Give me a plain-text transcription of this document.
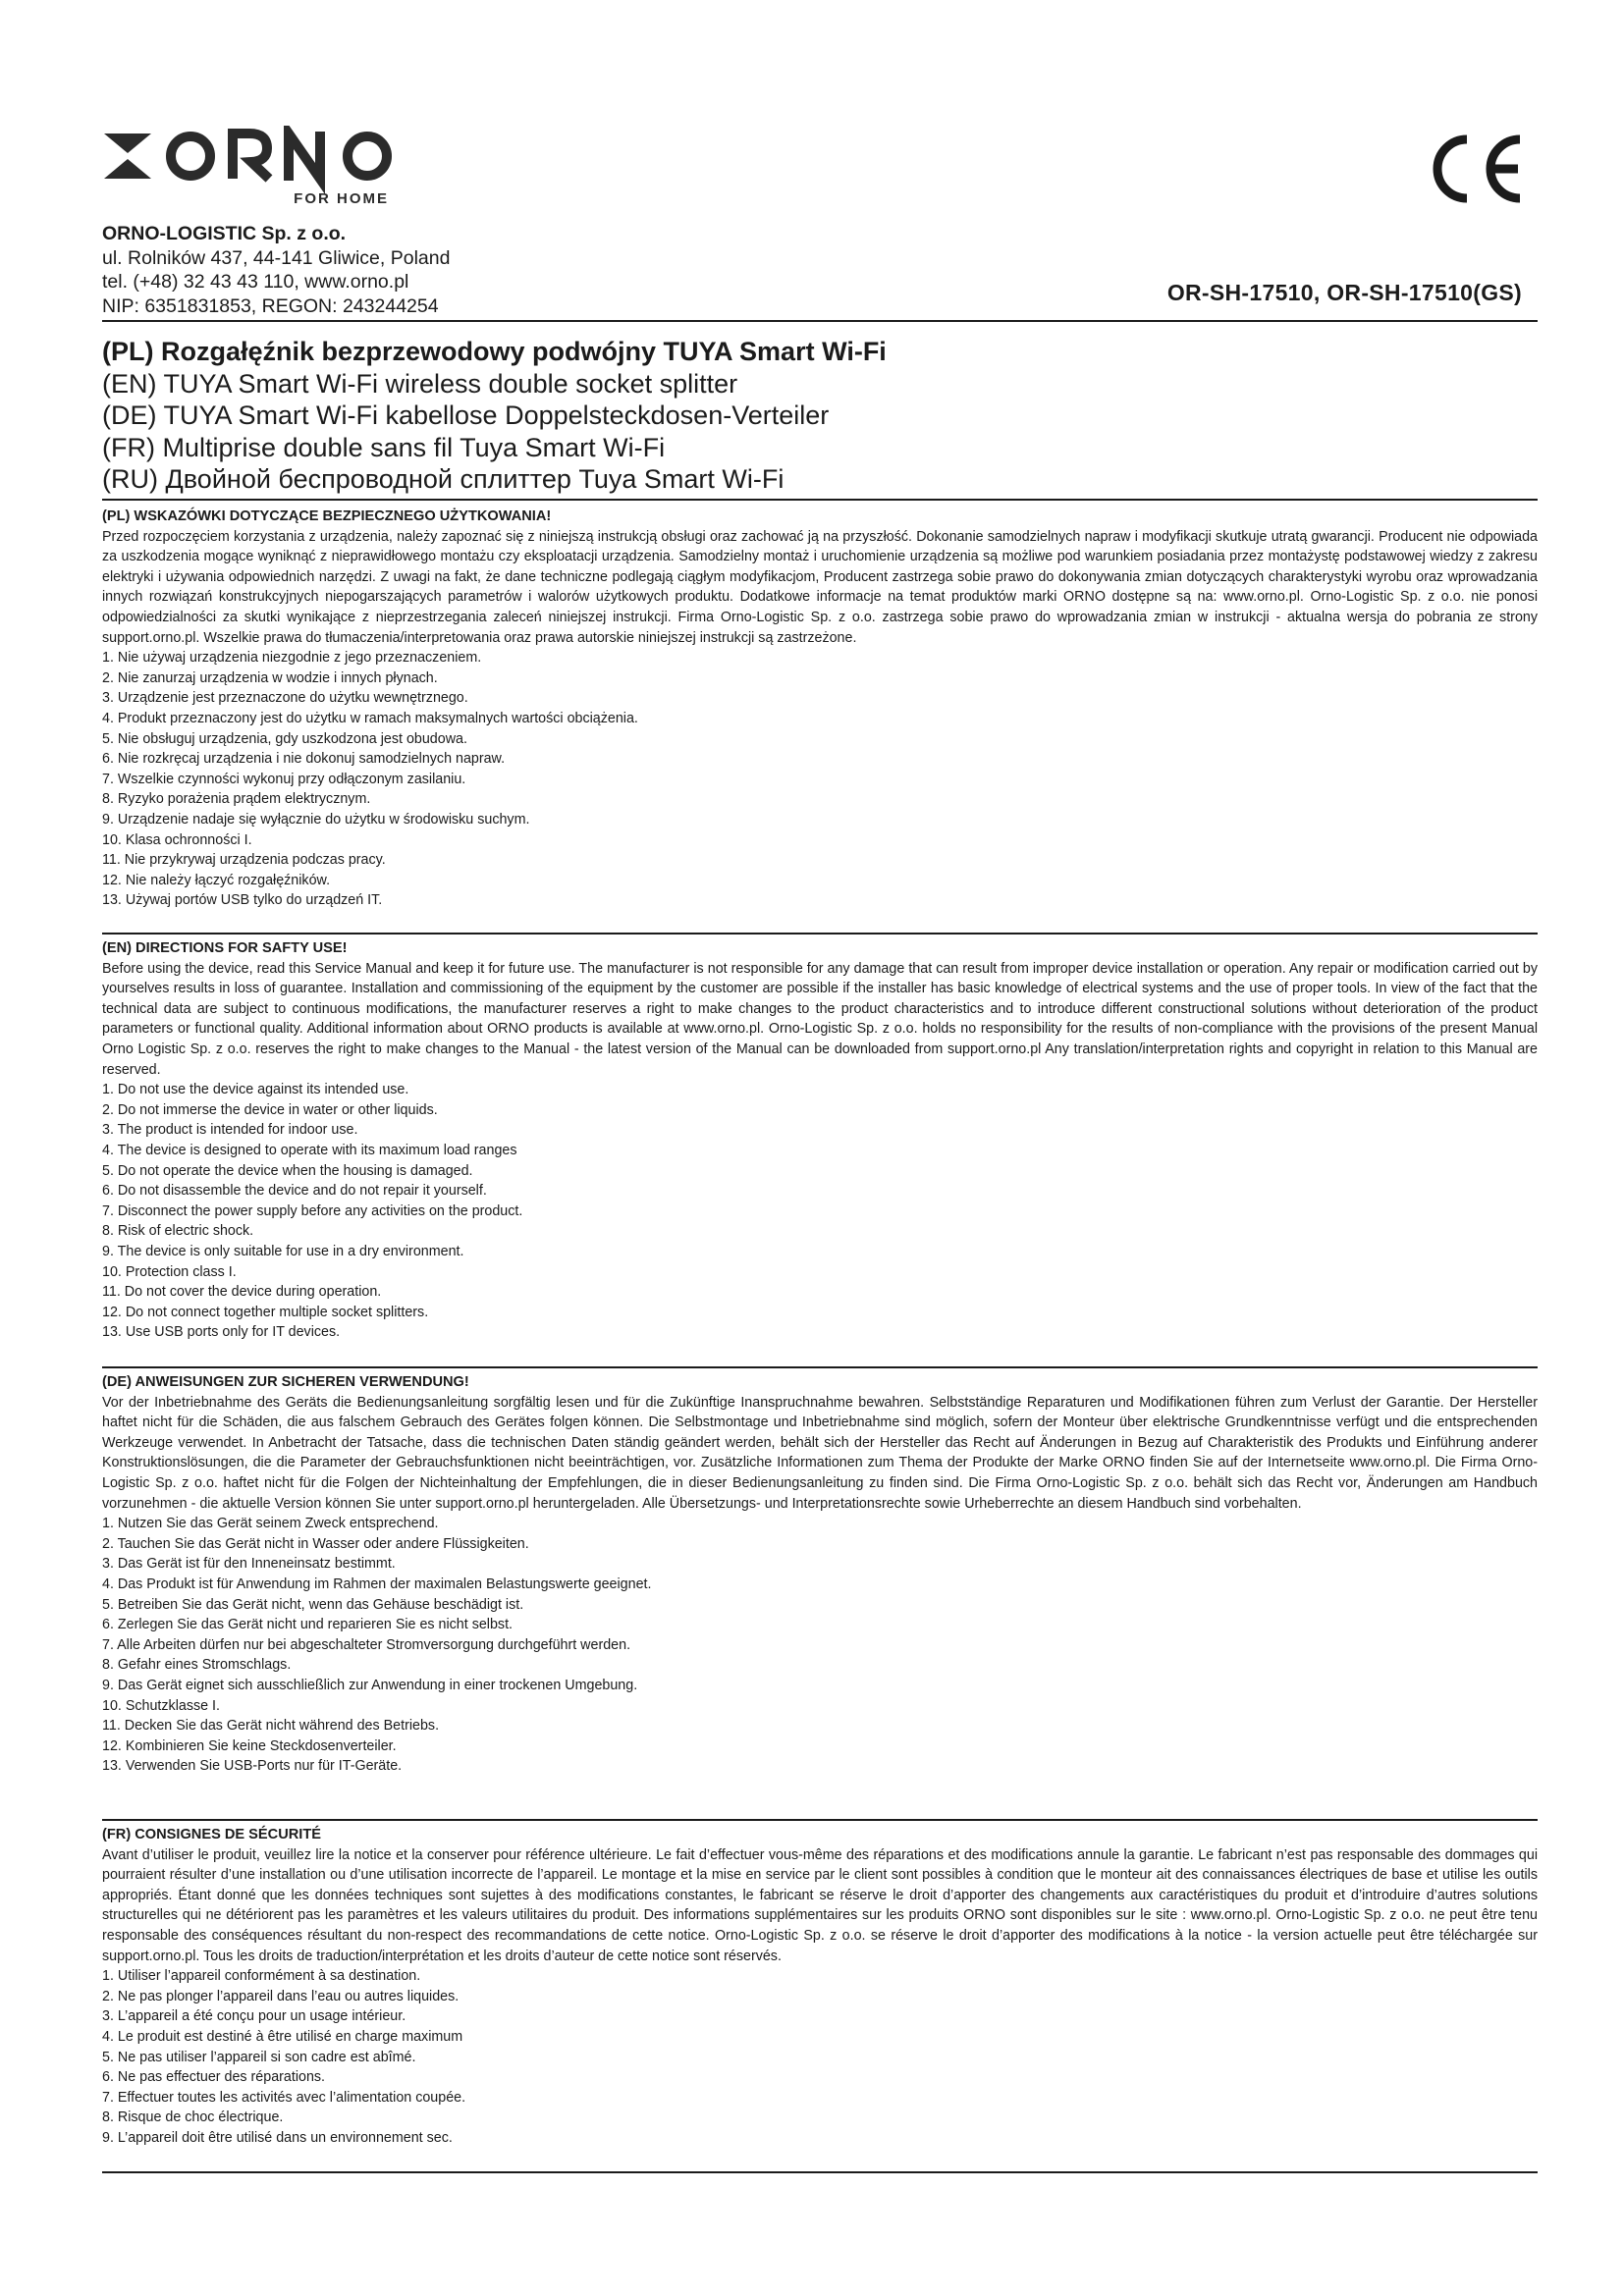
FOR HOME
ORNO-LOGISTIC Sp. z o.o.
ul. Rolników 437, 44-141 Gliwice, Poland
tel. (+48) 32 43 43 110, www.orno.pl
NIP: 6351831853, REGON: 243244254
OR-SH-17510, OR-SH-17510(GS)
(PL) Rozgałęźnik bezprzewodowy podwójny TUYA Smart Wi-Fi
(EN) TUYA Smart Wi-Fi wireless double socket splitter
(DE) TUYA Smart Wi-Fi kabellose Doppelsteckdosen-Verteiler
(FR) Multiprise double sans fil Tuya Smart Wi-Fi
(RU) Двойной беспроводной сплиттер Tuya Smart Wi-Fi
(PL) WSKAZÓWKI DOTYCZĄCE BEZPIECZNEGO UŻYTKOWANIA!
Przed rozpoczęciem korzystania z urządzenia, należy zapoznać się z niniejszą instrukcją obsługi oraz zachować ją na przyszłość. Dokonanie samodzielnych napraw i modyfikacji skutkuje utratą gwarancji. Producent nie odpowiada za uszkodzenia mogące wyniknąć z nieprawidłowego montażu czy eksploatacji urządzenia. Samodzielny montaż i uruchomienie urządzenia są możliwe pod warunkiem posiadania przez montażystę podstawowej wiedzy z zakresu elektryki i używania odpowiednich narzędzi. Z uwagi na fakt, że dane techniczne podlegają ciągłym modyfikacjom, Producent zastrzega sobie prawo do dokonywania zmian dotyczących charakterystyki wyrobu oraz wprowadzania innych rozwiązań konstrukcyjnych niepogarszających parametrów i walorów użytkowych produktu. Dodatkowe informacje na temat produktów marki ORNO dostępne są na: www.orno.pl. Orno-Logistic Sp. z o.o. nie ponosi odpowiedzialności za skutki wynikające z nieprzestrzegania zaleceń niniejszej instrukcji. Firma Orno-Logistic Sp. z o.o. zastrzega sobie prawo do wprowadzania zmian w instrukcji - aktualna wersja do pobrania ze strony support.orno.pl. Wszelkie prawa do tłumaczenia/interpretowania oraz prawa autorskie niniejszej instrukcji są zastrzeżone.
1. Nie używaj urządzenia niezgodnie z jego przeznaczeniem.
2. Nie zanurzaj urządzenia w wodzie i innych płynach.
3. Urządzenie jest przeznaczone do użytku wewnętrznego.
4. Produkt przeznaczony jest do użytku w ramach maksymalnych wartości obciążenia.
5. Nie obsługuj urządzenia, gdy uszkodzona jest obudowa.
6. Nie rozkręcaj urządzenia i nie dokonuj samodzielnych napraw.
7. Wszelkie czynności wykonuj przy odłączonym zasilaniu.
8. Ryzyko porażenia prądem elektrycznym.
9. Urządzenie nadaje się wyłącznie do użytku w środowisku suchym.
10. Klasa ochronności I.
11. Nie przykrywaj urządzenia podczas pracy.
12. Nie należy łączyć rozgałęźników.
13. Używaj portów USB tylko do urządzeń IT.
(EN) DIRECTIONS FOR SAFTY USE!
Before using the device, read this Service Manual and keep it for future use. The manufacturer is not responsible for any damage that can result from improper device installation or operation. Any repair or modification carried out by yourselves results in loss of guarantee. Installation and commissioning of the equipment by the customer are possible if the installer has basic knowledge of electrical systems and the use of proper tools. In view of the fact that the technical data are subject to continuous modifications, the manufacturer reserves a right to make changes to the product characteristics and to introduce different constructional solutions without deterioration of the product parameters or functional quality. Additional information about ORNO products is available at www.orno.pl. Orno-Logistic Sp. z o.o. holds no responsibility for the results of non-compliance with the provisions of the present Manual Orno Logistic Sp. z o.o. reserves the right to make changes to the Manual - the latest version of the Manual can be downloaded from support.orno.pl Any translation/interpretation rights and copyright in relation to this Manual are reserved.
1. Do not use the device against its intended use.
2. Do not immerse the device in water or other liquids.
3. The product is intended for indoor use.
4. The device is designed to operate with its maximum load ranges
5. Do not operate the device when the housing is damaged.
6. Do not disassemble the device and do not repair it yourself.
7. Disconnect the power supply before any activities on the product.
8. Risk of electric shock.
9. The device is only suitable for use in a dry environment.
10. Protection class I.
11. Do not cover the device during operation.
12. Do not connect together multiple socket splitters.
13. Use USB ports only for IT devices.
(DE) ANWEISUNGEN ZUR SICHEREN VERWENDUNG!
Vor der Inbetriebnahme des Geräts die Bedienungsanleitung sorgfältig lesen und für die Zukünftige Inanspruchnahme bewahren. Selbstständige Reparaturen und Modifikationen führen zum Verlust der Garantie. Der Hersteller haftet nicht für die Schäden, die aus falschem Gebrauch des Gerätes folgen können. Die Selbstmontage und Inbetriebnahme sind möglich, sofern der Monteur über elektrische Grundkenntnisse verfügt und die entsprechenden Werkzeuge verwendet. In Anbetracht der Tatsache, dass die technischen Daten ständig geändert werden, behält sich der Hersteller das Recht auf Änderungen in Bezug auf Charakteristik des Produkts und Einführung anderer Konstruktionslösungen, die die Parameter der Gebrauchsfunktionen nicht beeinträchtigen, vor. Zusätzliche Informationen zum Thema der Produkte der Marke ORNO finden Sie auf der Internetseite www.orno.pl. Die Firma Orno-Logistic Sp. z o.o. haftet nicht für die Folgen der Nichteinhaltung der Empfehlungen, die in dieser Bedienungsanleitung zu finden sind. Die Firma Orno-Logistic Sp. z o.o. behält sich das Recht vor, Änderungen am Handbuch vorzunehmen - die aktuelle Version können Sie unter support.orno.pl heruntergeladen. Alle Übersetzungs- und Interpretationsrechte sowie Urheberrechte an diesem Handbuch sind vorbehalten.
1. Nutzen Sie das Gerät seinem Zweck entsprechend.
2. Tauchen Sie das Gerät nicht in Wasser oder andere Flüssigkeiten.
3. Das Gerät ist für den Inneneinsatz bestimmt.
4. Das Produkt ist für Anwendung im Rahmen der maximalen Belastungswerte geeignet.
5. Betreiben Sie das Gerät nicht, wenn das Gehäuse beschädigt ist.
6. Zerlegen Sie das Gerät nicht und reparieren Sie es nicht selbst.
7. Alle Arbeiten dürfen nur bei abgeschalteter Stromversorgung durchgeführt werden.
8. Gefahr eines Stromschlags.
9. Das Gerät eignet sich ausschließlich zur Anwendung in einer trockenen Umgebung.
10. Schutzklasse I.
11. Decken Sie das Gerät nicht während des Betriebs.
12. Kombinieren Sie keine Steckdosenverteiler.
13. Verwenden Sie USB-Ports nur für IT-Geräte.
(FR) CONSIGNES DE SÉCURITÉ
Avant d’utiliser le produit, veuillez lire la notice et la conserver pour référence ultérieure. Le fait d’effectuer vous-même des réparations et des modifications annule la garantie. Le fabricant n’est pas responsable des dommages qui pourraient résulter d’une installation ou d’une utilisation incorrecte de l’appareil. Le montage et la mise en service par le client sont possibles à condition que le monteur ait des connaissances électriques de base et utilise les outils appropriés. Étant donné que les données techniques sont sujettes à des modifications constantes, le fabricant se réserve le droit d’apporter des changements aux caractéristiques du produit et d’introduire d’autres solutions structurelles qui ne détériorent pas les paramètres et les valeurs utilitaires du produit. Des informations supplémentaires sur les produits ORNO sont disponibles sur le site : www.orno.pl. Orno-Logistic Sp. z o.o. ne peut être tenu responsable des conséquences résultant du non-respect des recommandations de cette notice. Orno-Logistic Sp. z o.o. se réserve le droit d’apporter des modifications à la notice - la version actuelle peut être téléchargée sur support.orno.pl. Tous les droits de traduction/interprétation et les droits d’auteur de cette notice sont réservés.
1. Utiliser l’appareil conformément à sa destination.
2. Ne pas plonger l’appareil dans l’eau ou autres liquides.
3. L’appareil a été conçu pour un usage intérieur.
4. Le produit est destiné à être utilisé en charge maximum
5. Ne pas utiliser l’appareil si son cadre est abîmé.
6. Ne pas effectuer des réparations.
7. Effectuer toutes les activités avec l’alimentation coupée.
8. Risque de choc électrique.
9. L’appareil doit être utilisé dans un environnement sec.
